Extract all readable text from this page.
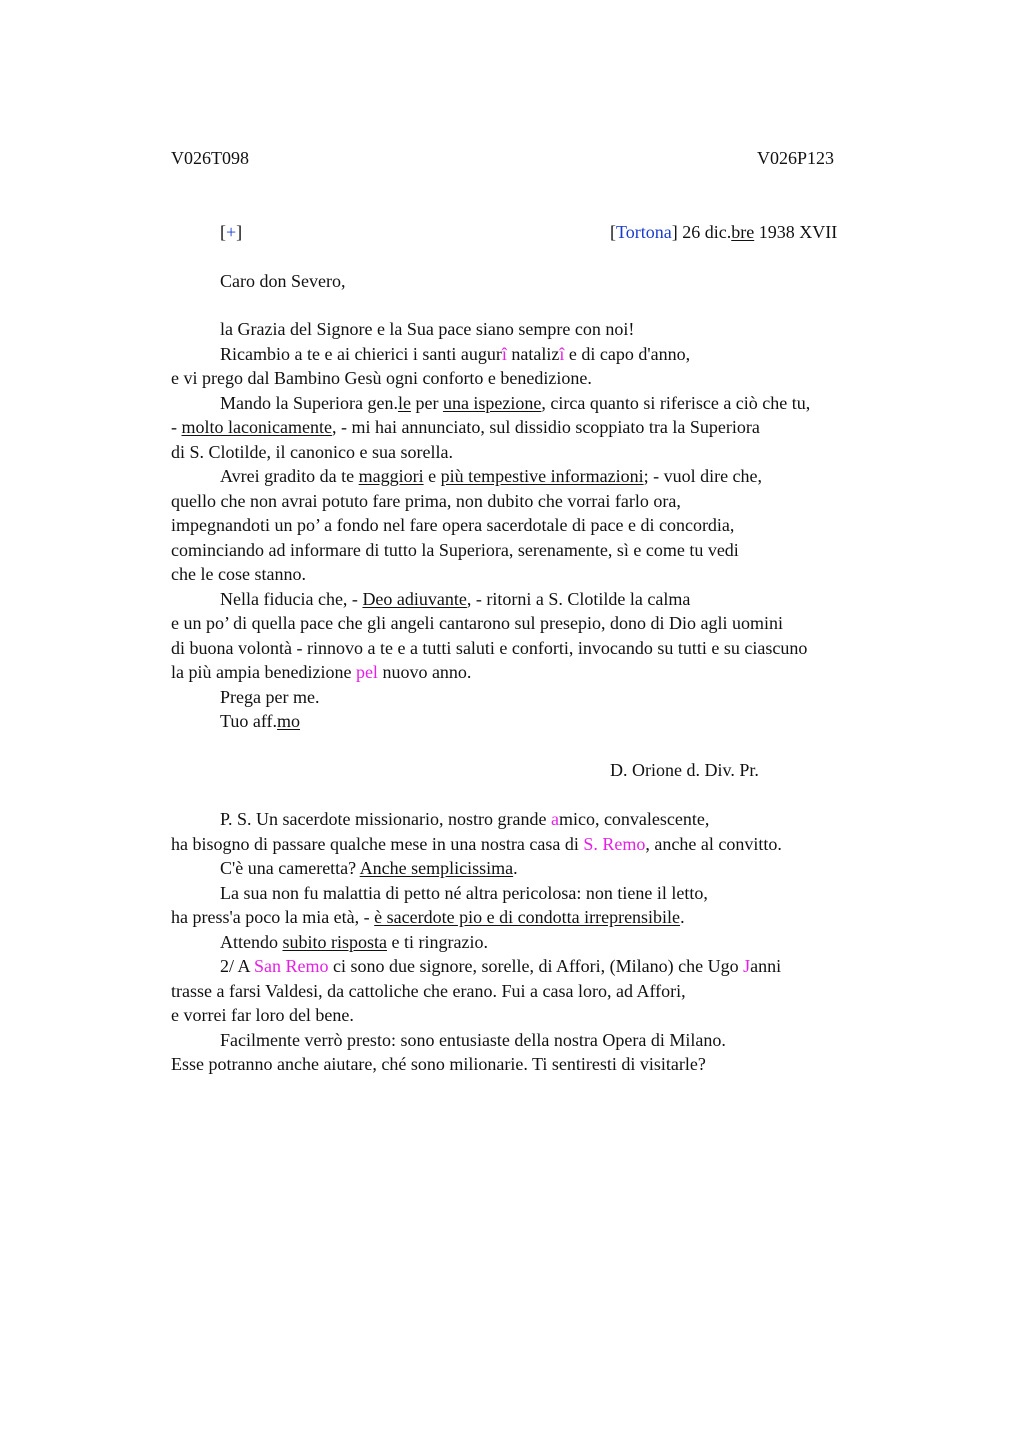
V026T098	V026P123
[+]	[Tortona] 26 dic.bre 1938 XVII
Caro don Severo,
la Grazia del Signore e la Sua pace siano sempre con noi!
Ricambio a te e ai chierici i santi augurî natalizî e di capo d'anno,
e vi prego dal Bambino Gesù ogni conforto e benedizione.
Mando la Superiora gen.le per una ispezione, circa quanto si riferisce a ciò che tu,
- molto laconicamente, - mi hai annunciato, sul dissidio scoppiato tra la Superiora
di S. Clotilde, il canonico e sua sorella.
Avrei gradito da te maggiori e più tempestive informazioni; - vuol dire che,
quello che non avrai potuto fare prima, non dubito che vorrai farlo ora,
impegnandoti un po’ a fondo nel fare opera sacerdotale di pace e di concordia,
cominciando ad informare di tutto la Superiora, serenamente, sì e come tu vedi
che le cose stanno.
Nella fiducia che, - Deo adiuvante, - ritorni a S. Clotilde la calma
e un po’ di quella pace che gli angeli cantarono sul presepio, dono di Dio agli uomini
di buona volontà - rinnovo a te e a tutti saluti e conforti, invocando su tutti e su ciascuno
la più ampia benedizione pel nuovo anno.
Prega per me.
Tuo aff.mo
D. Orione d. Div. Pr.
P. S. Un sacerdote missionario, nostro grande amico, convalescente,
ha bisogno di passare qualche mese in una nostra casa di S. Remo, anche al convitto.
C'è una cameretta? Anche semplicissima.
La sua non fu malattia di petto né altra pericolosa: non tiene il letto,
ha press'a poco la mia età, - è sacerdote pio e di condotta irreprensibile.
Attendo subito risposta e ti ringrazio.
2/ A San Remo ci sono due signore, sorelle, di Affori, (Milano) che Ugo Janni
trasse a farsi Valdesi, da cattoliche che erano. Fui a casa loro, ad Affori,
e vorrei far loro del bene.
Facilmente verrò presto: sono entusiaste della nostra Opera di Milano.
Esse potranno anche aiutare, ché sono milionarie. Ti sentiresti di visitarle?
